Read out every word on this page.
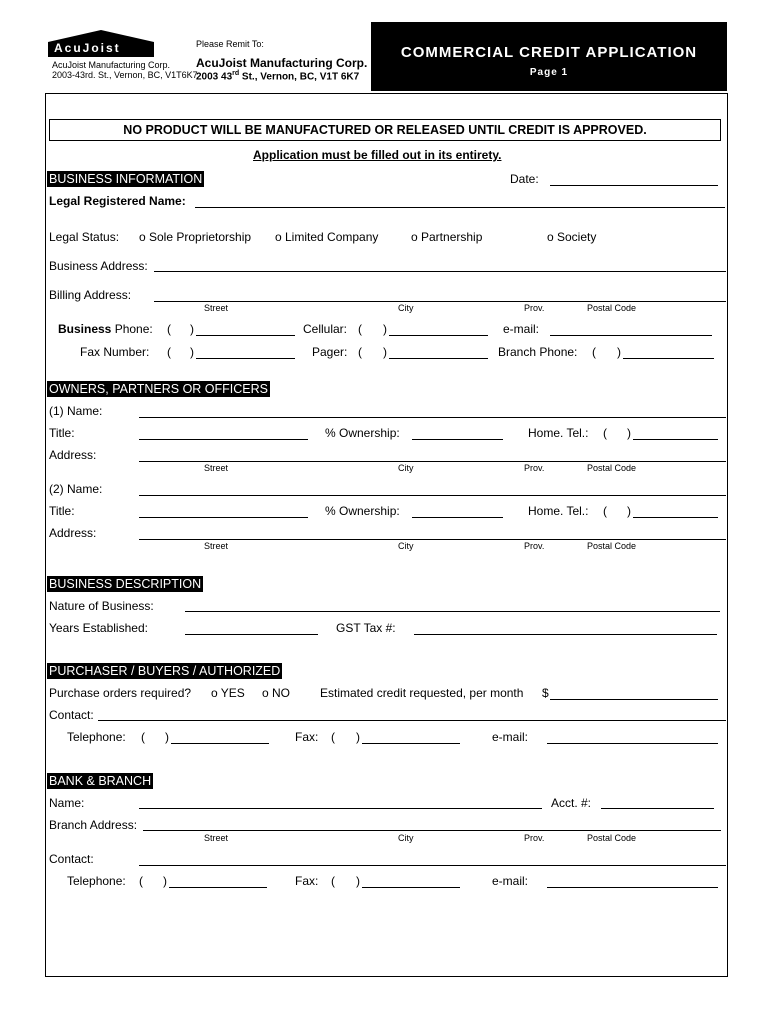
AcuJoist
AcuJoist Manufacturing Corp.
2003-43rd. St., Vernon, BC, V1T6K7
Please Remit To:
AcuJoist Manufacturing Corp.
2003 43rd St., Vernon, BC, V1T 6K7
COMMERCIAL CREDIT APPLICATION
Page 1
NO PRODUCT WILL BE MANUFACTURED OR RELEASED UNTIL CREDIT IS APPROVED.
Application must be filled out in its entirety.
BUSINESS INFORMATION	Date:
Legal Registered Name:
Legal Status: o Sole Proprietorship o Limited Company	o Partnership	o Society
Business Address:
Billing Address:
Street	City	Prov.	Postal Code
Business Phone: ( )	Cellular: ( )	e-mail:
Fax Number: ( )	Pager: ( )	Branch Phone: ( )
OWNERS, PARTNERS OR OFFICERS
(1) Name:
Title:	% Ownership:	Home. Tel.: ( )
Address:
Street	City	Prov.	Postal Code
(2) Name:
Title:	% Ownership:	Home. Tel.: ( )
Address:
Street	City	Prov.	Postal Code
BUSINESS DESCRIPTION
Nature of Business:
Years Established:	GST Tax #:
PURCHASER / BUYERS / AUTHORIZED
Purchase orders required? o YES o NO Estimated credit requested, per month $
Contact:
Telephone: ( )	Fax: ( )	e-mail:
BANK & BRANCH
Name:	Acct. #:
Branch Address:
Street	City	Prov.	Postal Code
Contact:
Telephone: ( )	Fax: ( )	e-mail:
